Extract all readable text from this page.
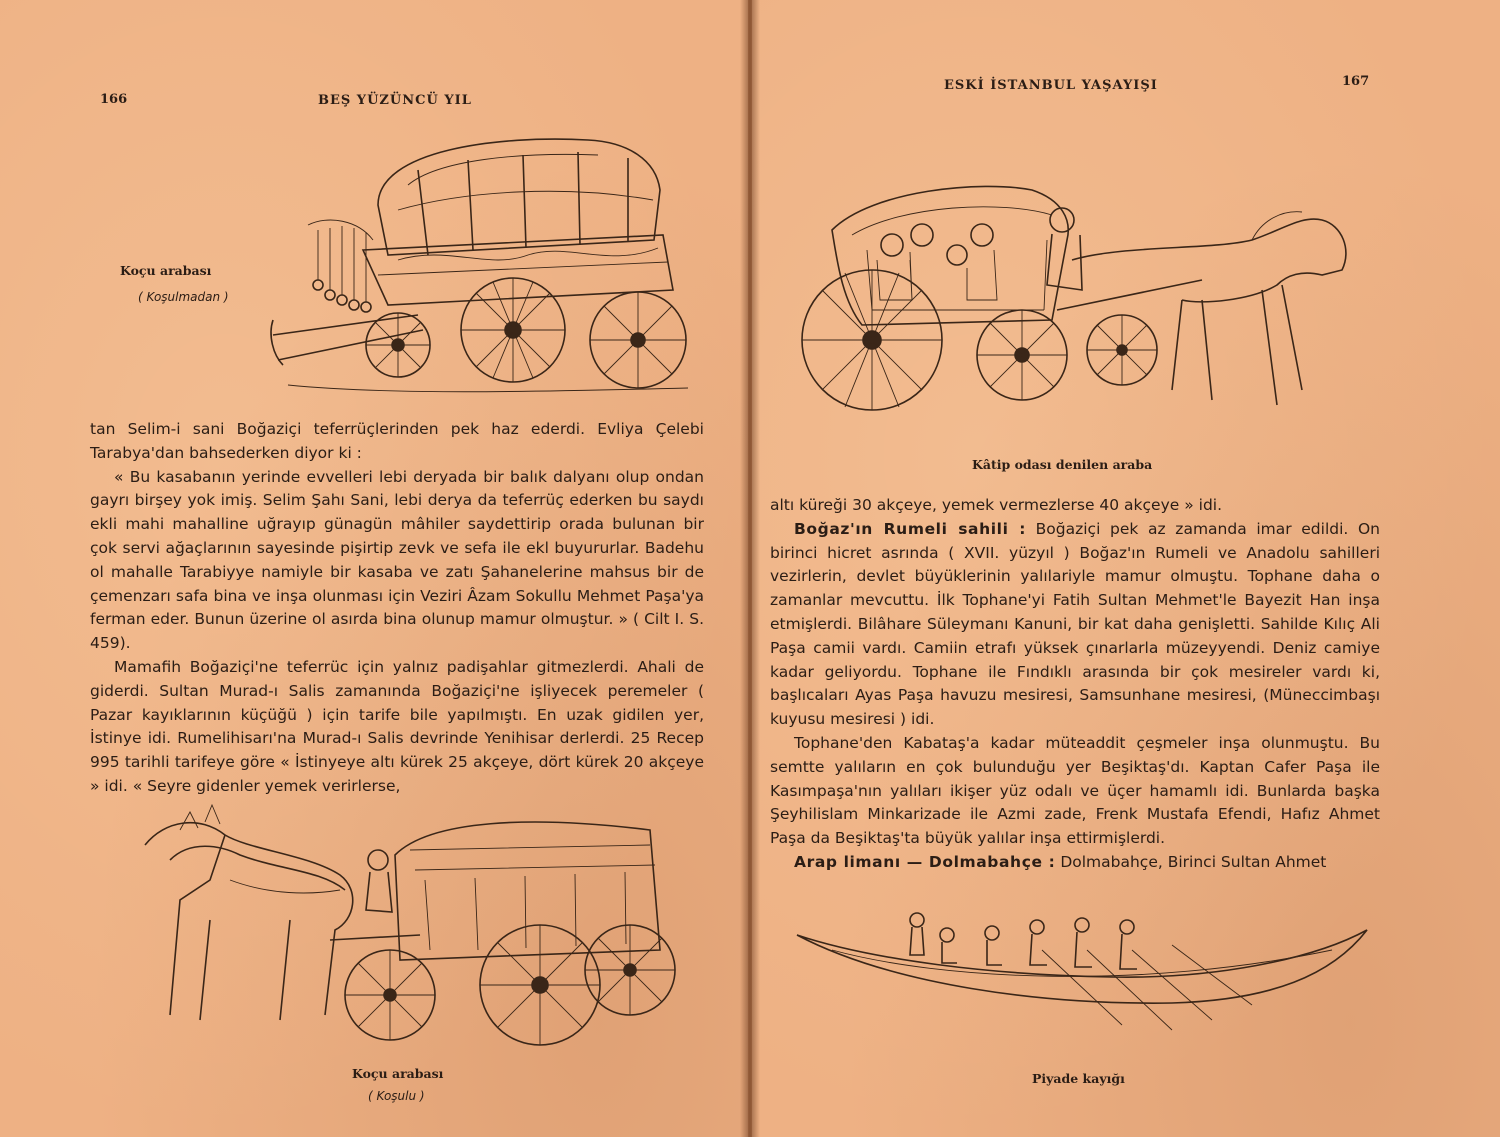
166	BEŞ YÜZÜNCÜ YIL
Koçu arabası
( Koşulmadan )

tan Selim-i sani Boğaziçi teferrüçlerinden pek haz ederdi. Evliya Çelebi Tarabya'dan bahsederken diyor ki :

« Bu kasabanın yerinde evvelleri lebi deryada bir balık dalyanı olup ondan gayrı birşey yok imiş. Selim Şahı Sani, lebi derya da teferrüç ederken bu saydı ekli mahi mahalline uğrayıp günagün mâhiler saydettirip orada bulunan bir çok servi ağaçlarının sayesinde pişirtip zevk ve sefa ile ekl buyururlar. Badehu ol mahalle Tarabiyye namiyle bir kasaba ve zatı Şahanelerine mahsus bir de çemenzarı safa bina ve inşa olunması için Veziri Âzam Sokullu Mehmet Paşa'ya ferman eder. Bunun üzerine ol asırda bina olunup mamur olmuştur. » ( Cilt I. S. 459).

Mamafih Boğaziçi'ne teferrüc için yalnız padişahlar gitmezlerdi. Ahali de giderdi. Sultan Murad-ı Salis zamanında Boğaziçi'ne işliyecek peremeler ( Pazar kayıklarının küçüğü ) için tarife bile yapılmıştı. En uzak gidilen yer, İstinye idi. Rumelihisarı'na Murad-ı Salis devrinde Yenihisar derlerdi. 25 Recep 995 tarihli tarifeye göre « İstinyeye altı kürek 25 akçeye, dört kürek 20 akçeye » idi. « Seyre gidenler yemek verirlerse,

Koçu arabası
( Koşulu )
ESKİ İSTANBUL YAŞAYIŞI	167
Kâtip odası denilen araba

altı küreği 30 akçeye, yemek vermezlerse 40 akçeye » idi.

Boğaz'ın Rumeli sahili : Boğaziçi pek az zamanda imar edildi. On birinci hicret asrında ( XVII. yüzyıl ) Boğaz'ın Rumeli ve Anadolu sahilleri vezirlerin, devlet büyüklerinin yalılariyle mamur olmuştu. Tophane daha o zamanlar mevcuttu. İlk Tophane'yi Fatih Sultan Mehmet'le Bayezit Han inşa etmişlerdi. Bilâhare Süleymanı Kanuni, bir kat daha genişletti. Sahilde Kılıç Ali Paşa camii vardı. Camiin etrafı yüksek çınarlarla müzeyyendi. Deniz camiye kadar geliyordu. Tophane ile Fındıklı arasında bir çok mesireler vardı ki, başlıcaları Ayas Paşa havuzu mesiresi, Samsunhane mesiresi, (Müneccimbaşı kuyusu mesiresi ) idi.

Tophane'den Kabataş'a kadar müteaddit çeşmeler inşa olunmuştu. Bu semtte yalıların en çok bulunduğu yer Beşiktaş'dı. Kaptan Cafer Paşa ile Kasımpaşa'nın yalıları ikişer yüz odalı ve üçer hamamlı idi. Bunlarda başka Şeyhilislam Minkarizade ile Azmi zade, Frenk Mustafa Efendi, Hafız Ahmet Paşa da Beşiktaş'ta büyük yalılar inşa ettirmişlerdi.

Arap limanı — Dolmabahçe : Dolmabahçe, Birinci Sultan Ahmet

Piyade kayığı
